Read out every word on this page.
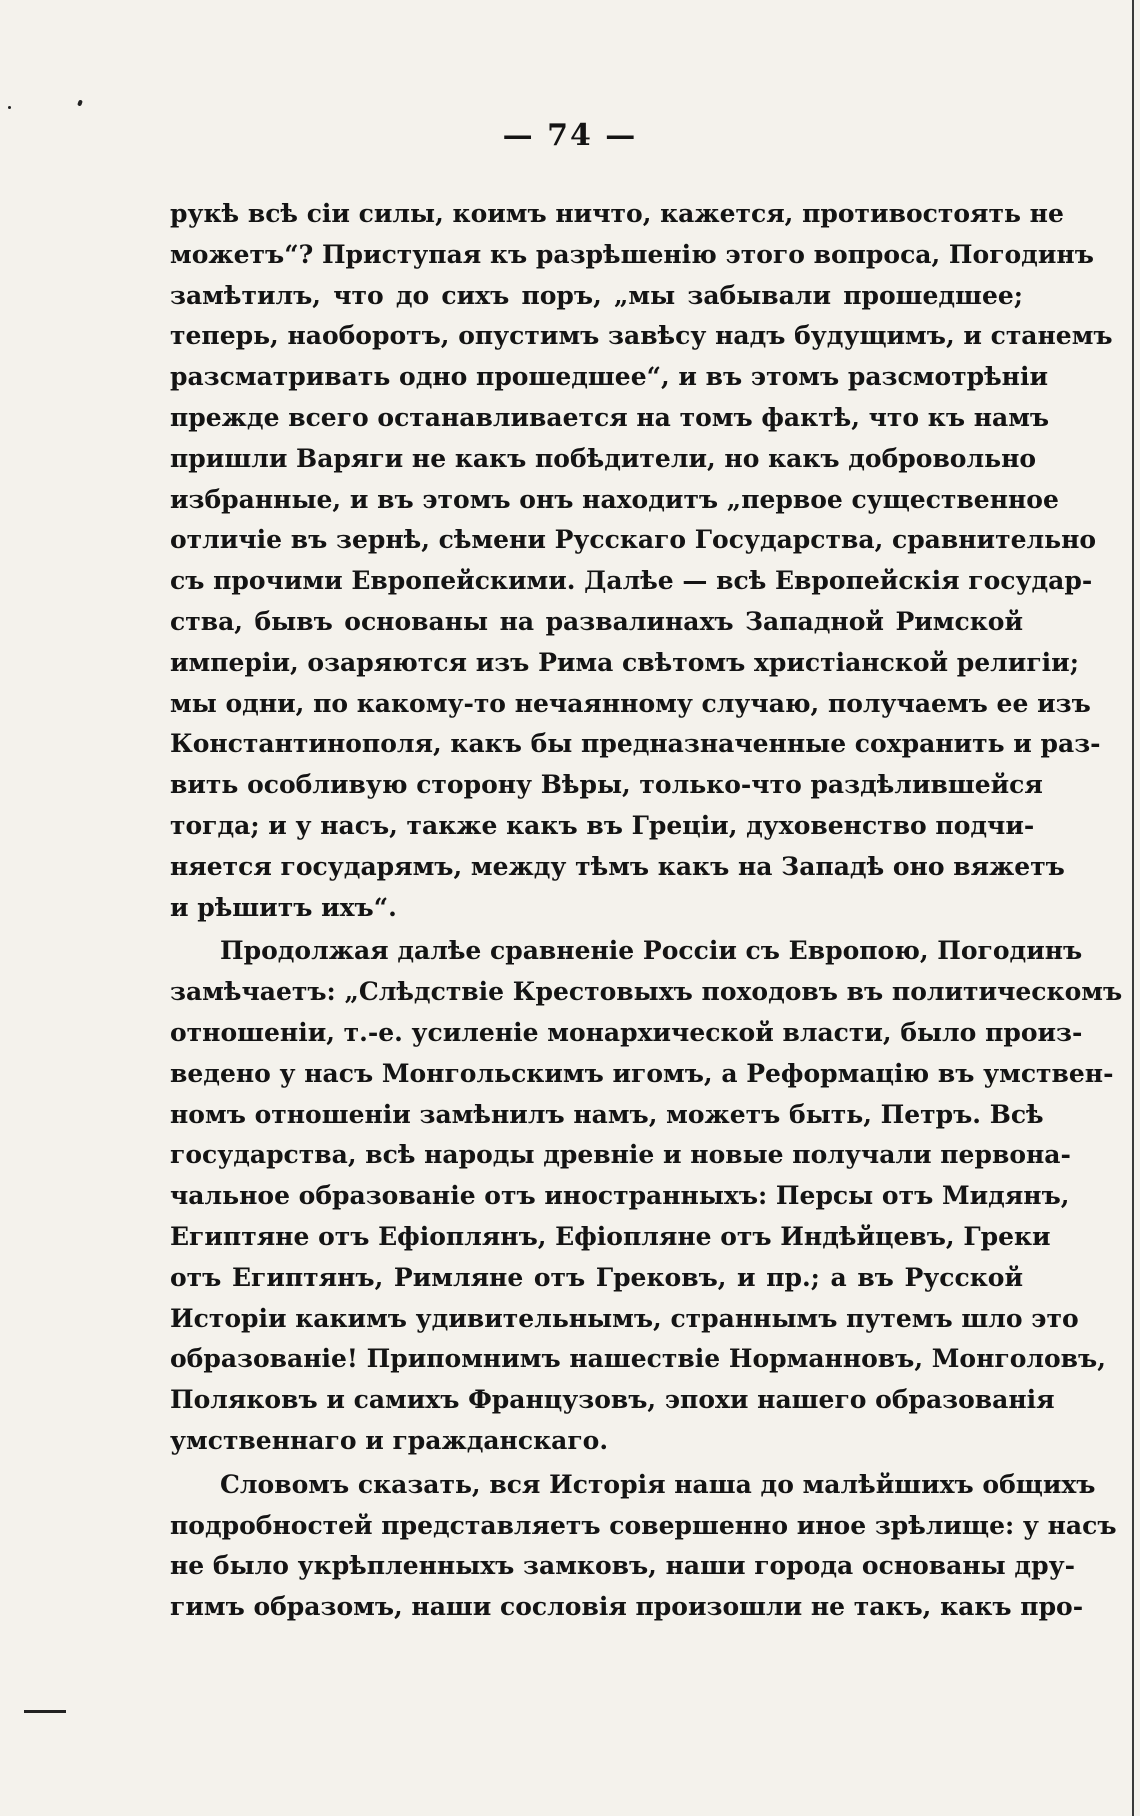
— 74 —
рукѣ всѣ сіи силы, коимъ ничто, кажется, противостоять не
можетъ“? Приступая къ разрѣшенію этого вопроса, Погодинъ
замѣтилъ, что до сихъ поръ, „мы забывали прошедшее;
теперь, наоборотъ, опустимъ завѣсу надъ будущимъ, и станемъ
разсматривать одно прошедшее“, и въ этомъ разсмотрѣніи
прежде всего останавливается на томъ фактѣ, что къ намъ
пришли Варяги не какъ побѣдители, но какъ добровольно
избранные, и въ этомъ онъ находитъ „первое существенное
отличіе въ зернѣ, сѣмени Русскаго Государства, сравнительно
съ прочими Европейскими. Далѣе — всѣ Европейскія государ-
ства, бывъ основаны на развалинахъ Западной Римской
имперіи, озаряются изъ Рима свѣтомъ христіанской религіи;
мы одни, по какому-то нечаянному случаю, получаемъ ее изъ
Константинополя, какъ бы предназначенные сохранить и раз-
вить особливую сторону Вѣры, только-что раздѣлившейся
тогда; и у насъ, также какъ въ Греціи, духовенство подчи-
няется государямъ, между тѣмъ какъ на Западѣ оно вяжетъ
и рѣшитъ ихъ“.
Продолжая далѣе сравненіе Россіи съ Европою, Погодинъ
замѣчаетъ: „Слѣдствіе Крестовыхъ походовъ въ политическомъ
отношеніи, т.-е. усиленіе монархической власти, было произ-
ведено у насъ Монгольскимъ игомъ, а Реформацію въ умствен-
номъ отношеніи замѣнилъ намъ, можетъ быть, Петръ. Всѣ
государства, всѣ народы древніе и новые получали первона-
чальное образованіе отъ иностранныхъ: Персы отъ Мидянъ,
Египтяне отъ Ефіоплянъ, Ефіопляне отъ Индѣйцевъ, Греки
отъ Египтянъ, Римляне отъ Грековъ, и пр.; а въ Русской
Исторіи какимъ удивительнымъ, страннымъ путемъ шло это
образованіе! Припомнимъ нашествіе Норманновъ, Монголовъ,
Поляковъ и самихъ Французовъ, эпохи нашего образованія
умственнаго и гражданскаго.
Словомъ сказать, вся Исторія наша до малѣйшихъ общихъ
подробностей представляетъ совершенно иное зрѣлище: у насъ
не было укрѣпленныхъ замковъ, наши города основаны дру-
гимъ образомъ, наши сословія произошли не такъ, какъ про-
